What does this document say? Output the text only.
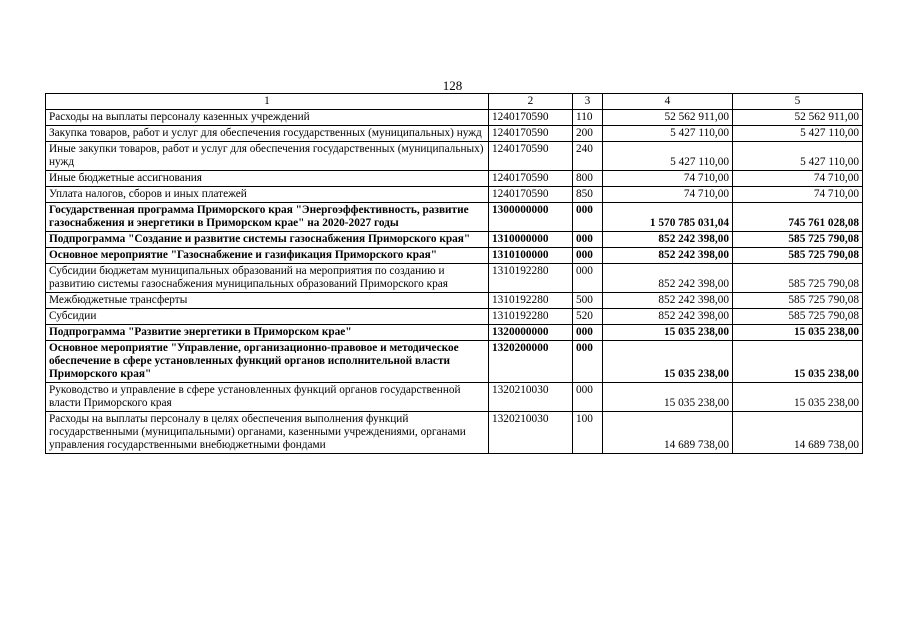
128
1	2	3	4	5
Расходы на выплаты персоналу казенных учреждений	1240170590	110	52 562 911,00	52 562 911,00
Закупка товаров, работ и услуг для обеспечения государственных (муниципальных) нужд	1240170590	200	5 427 110,00	5 427 110,00
Иные закупки товаров, работ и услуг для обеспечения государственных (муниципальных) нужд	1240170590	240	5 427 110,00	5 427 110,00
Иные бюджетные ассигнования	1240170590	800	74 710,00	74 710,00
Уплата налогов, сборов и иных платежей	1240170590	850	74 710,00	74 710,00
Государственная программа Приморского края "Энергоэффективность, развитие газоснабжения и энергетики в Приморском крае" на 2020-2027 годы	1300000000	000	1 570 785 031,04	745 761 028,08
Подпрограмма "Создание и развитие системы газоснабжения Приморского края"	1310000000	000	852 242 398,00	585 725 790,08
Основное мероприятие "Газоснабжение и газификация Приморского края"	1310100000	000	852 242 398,00	585 725 790,08
Субсидии бюджетам муниципальных образований на мероприятия по созданию и развитию системы газоснабжения муниципальных образований Приморского края	1310192280	000	852 242 398,00	585 725 790,08
Межбюджетные трансферты	1310192280	500	852 242 398,00	585 725 790,08
Субсидии	1310192280	520	852 242 398,00	585 725 790,08
Подпрограмма "Развитие энергетики в Приморском крае"	1320000000	000	15 035 238,00	15 035 238,00
Основное мероприятие "Управление, организационно-правовое и методическое обеспечение в сфере установленных функций органов исполнительной власти Приморского края"	1320200000	000	15 035 238,00	15 035 238,00
Руководство и управление в сфере установленных функций органов государственной власти Приморского края	1320210030	000	15 035 238,00	15 035 238,00
Расходы на выплаты персоналу в целях обеспечения выполнения функций государственными (муниципальными) органами, казенными учреждениями, органами управления государственными внебюджетными фондами	1320210030	100	14 689 738,00	14 689 738,00
